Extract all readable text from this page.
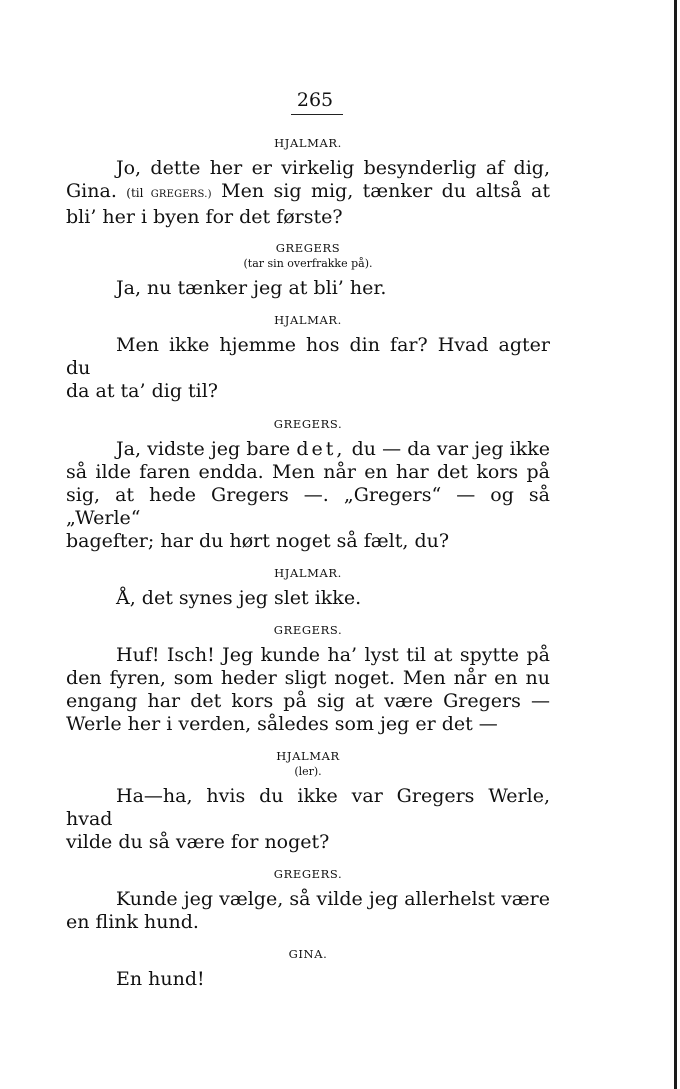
265
HJALMAR.
Jo, dette her er virkelig besynderlig af dig,
Gina. (til GREGERS.) Men sig mig, tænker du altså at
bli’ her i byen for det første?
GREGERS
(tar sin overfrakke på).
Ja, nu tænker jeg at bli’ her.
HJALMAR.
Men ikke hjemme hos din far? Hvad agter du
da at ta’ dig til?
GREGERS.
Ja, vidste jeg bare det, du — da var jeg ikke
så ilde faren endda. Men når en har det kors på
sig, at hede Gregers —. „Gregers“ — og så „Werle“
bagefter; har du hørt noget så fælt, du?
HJALMAR.
Å, det synes jeg slet ikke.
GREGERS.
Huf! Isch! Jeg kunde ha’ lyst til at spytte på
den fyren, som heder sligt noget. Men når en nu
engang har det kors på sig at være Gregers —
Werle her i verden, således som jeg er det —
HJALMAR
(ler).
Ha—ha, hvis du ikke var Gregers Werle, hvad
vilde du så være for noget?
GREGERS.
Kunde jeg vælge, så vilde jeg allerhelst være
en flink hund.
GINA.
En hund!
